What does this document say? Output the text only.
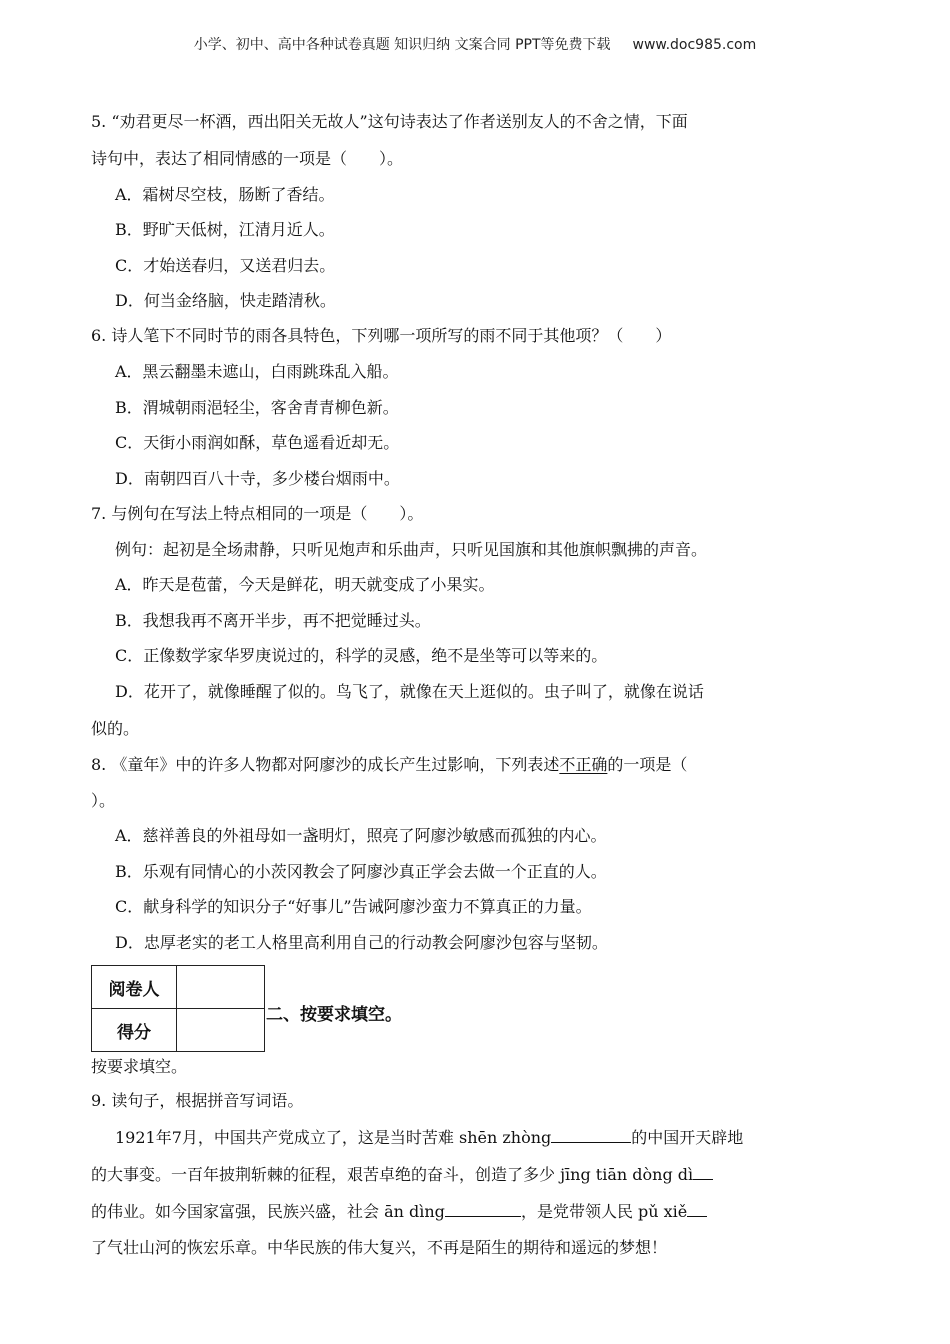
小学、初中、高中各种试卷真题 知识归纳 文案合同 PPT等免费下载 www.doc985.com
5. “劝君更尽一杯酒，西出阳关无故人”这句诗表达了作者送别友人的不舍之情，下面
诗句中，表达了相同情感的一项是（　　）。
A．霜树尽空枝，肠断了香结。
B．野旷天低树，江清月近人。
C．才始送春归，又送君归去。
D．何当金络脑，快走踏清秋。
6. 诗人笔下不同时节的雨各具特色，下列哪一项所写的雨不同于其他项？（　　）
A．黑云翻墨未遮山，白雨跳珠乱入船。
B．渭城朝雨浥轻尘，客舍青青柳色新。
C．天街小雨润如酥，草色遥看近却无。
D．南朝四百八十寺，多少楼台烟雨中。
7. 与例句在写法上特点相同的一项是（　　）。
例句：起初是全场肃静，只听见炮声和乐曲声，只听见国旗和其他旗帜飘拂的声音。
A．昨天是苞蕾，今天是鲜花，明天就变成了小果实。
B．我想我再不离开半步，再不把觉睡过头。
C．正像数学家华罗庚说过的，科学的灵感，绝不是坐等可以等来的。
D．花开了，就像睡醒了似的。鸟飞了，就像在天上逛似的。虫子叫了，就像在说话
似的。
8. 《童年》中的许多人物都对阿廖沙的成长产生过影响，下列表述不正确的一项是（
）。
A．慈祥善良的外祖母如一盏明灯，照亮了阿廖沙敏感而孤独的内心。
B．乐观有同情心的小茨冈教会了阿廖沙真正学会去做一个正直的人。
C．献身科学的知识分子“好事儿”告诫阿廖沙蛮力不算真正的力量。
D．忠厚老实的老工人格里高利用自己的行动教会阿廖沙包容与坚韧。
阅卷人	
得分	
二、按要求填空。
按要求填空。
9. 读句子，根据拼音写词语。
1921年7月，中国共产党成立了，这是当时苦难 shēn zhòng	的中国开天辟地
的大事变。一百年披荆斩棘的征程，艰苦卓绝的奋斗，创造了多少 jīng tiān dòng dì
的伟业。如今国家富强，民族兴盛，社会 ān dìng	，是党带领人民 pǔ xiě
了气壮山河的恢宏乐章。中华民族的伟大复兴，不再是陌生的期待和遥远的梦想！
